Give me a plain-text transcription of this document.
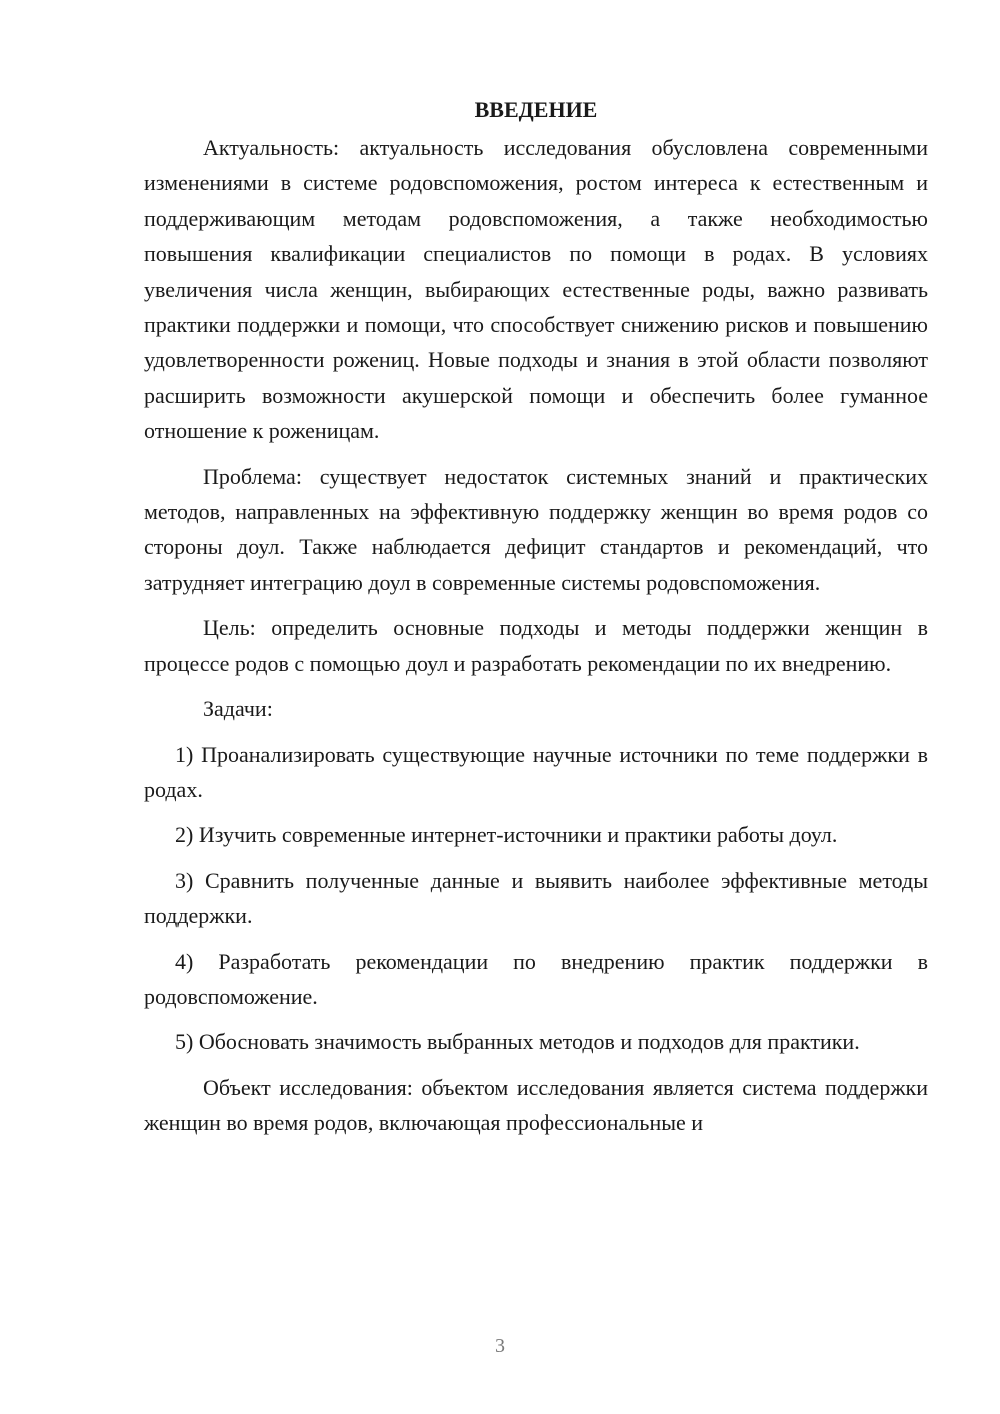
ВВЕДЕНИЕ

Актуальность: актуальность исследования обусловлена современными изменениями в системе родовспоможения, ростом интереса к естественным и поддерживающим методам родовспоможения, а также необходимостью повышения квалификации специалистов по помощи в родах. В условиях увеличения числа женщин, выбирающих естественные роды, важно развивать практики поддержки и помощи, что способствует снижению рисков и повышению удовлетворенности рожениц. Новые подходы и знания в этой области позволяют расширить возможности акушерской помощи и обеспечить более гуманное отношение к роженицам.

Проблема: существует недостаток системных знаний и практических методов, направленных на эффективную поддержку женщин во время родов со стороны доул. Также наблюдается дефицит стандартов и рекомендаций, что затрудняет интеграцию доул в современные системы родовспоможения.

Цель: определить основные подходы и методы поддержки женщин в процессе родов с помощью доул и разработать рекомендации по их внедрению.

Задачи:

1) Проанализировать существующие научные источники по теме поддержки в родах.

2) Изучить современные интернет-источники и практики работы доул.

3) Сравнить полученные данные и выявить наиболее эффективные методы поддержки.

4) Разработать рекомендации по внедрению практик поддержки в родовспоможение.

5) Обосновать значимость выбранных методов и подходов для практики.

Объект исследования: объектом исследования является система поддержки женщин во время родов, включающая профессиональные и

3
